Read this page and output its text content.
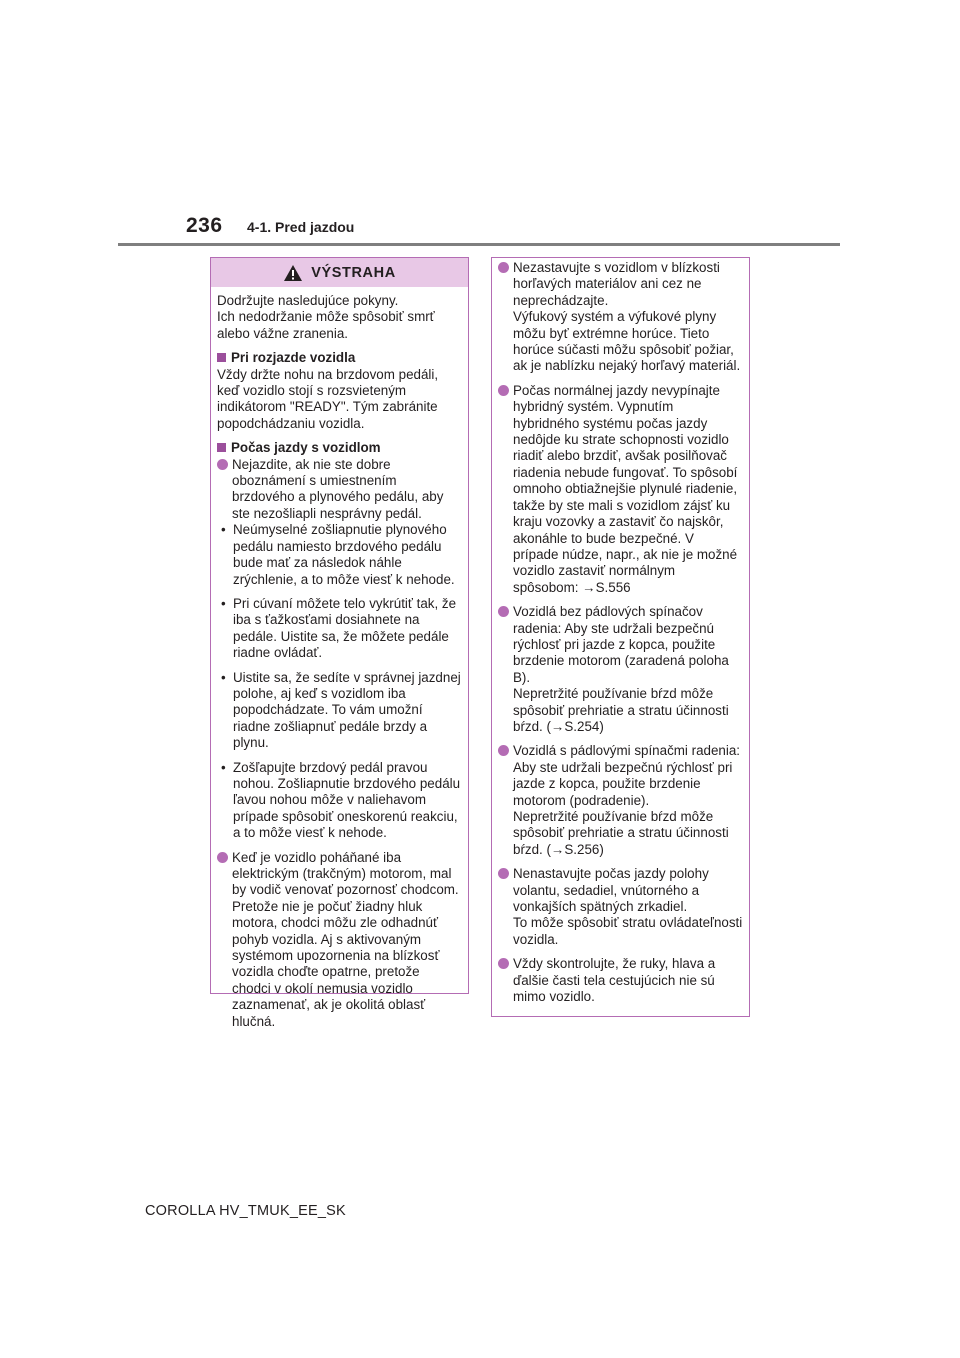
236 4-1. Pred jazdou
VÝSTRAHA
Dodržujte nasledujúce pokyny.
Ich nedodržanie môže spôsobiť smrť alebo vážne zranenia.
Pri rozjazde vozidla
Vždy držte nohu na brzdovom pedáli, keď vozidlo stojí s rozsvieteným indikátorom "READY". Tým zabránite popodchádzaniu vozidla.
Počas jazdy s vozidlom
Nejazdite, ak nie ste dobre oboznámení s umiestnením brzdového a plynového pedálu, aby ste nezošliapli nesprávny pedál.
• Neúmyselné zošliapnutie plynového pedálu namiesto brzdového pedálu bude mať za následok náhle zrýchlenie, a to môže viesť k nehode.
• Pri cúvaní môžete telo vykrútiť tak, že iba s ťažkosťami dosiahnete na pedále. Uistite sa, že môžete pedále riadne ovládať.
• Uistite sa, že sedíte v správnej jazdnej polohe, aj keď s vozidlom iba popodchádzate. To vám umožní riadne zošliapnuť pedále brzdy a plynu.
• Zošľapujte brzdový pedál pravou nohou. Zošliapnutie brzdového pedálu ľavou nohou môže v naliehavom prípade spôsobiť oneskorenú reakciu, a to môže viesť k nehode.
Keď je vozidlo poháňané iba elektrickým (trakčným) motorom, mal by vodič venovať pozornosť chodcom. Pretože nie je počuť žiadny hluk motora, chodci môžu zle odhadnúť pohyb vozidla. Aj s aktivovaným systémom upozornenia na blízkosť vozidla choďte opatrne, pretože chodci v okolí nemusia vozidlo zaznamenať, ak je okolitá oblasť hlučná.
Nezastavujte s vozidlom v blízkosti horľavých materiálov ani cez ne neprechádzajte.
Výfukový systém a výfukové plyny môžu byť extrémne horúce. Tieto horúce súčasti môžu spôsobiť požiar, ak je nablízku nejaký horľavý materiál.
Počas normálnej jazdy nevypínajte hybridný systém. Vypnutím hybridného systému počas jazdy nedôjde ku strate schopnosti vozidlo riadiť alebo brzdiť, avšak posilňovač riadenia nebude fungovať. To spôsobí omnoho obtiažnejšie plynulé riadenie, takže by ste mali s vozidlom zájsť ku kraju vozovky a zastaviť čo najskôr, akonáhle to bude bezpečné. V prípade núdze, napr., ak nie je možné vozidlo zastaviť normálnym spôsobom: →S.556
Vozidlá bez pádlových spínačov radenia: Aby ste udržali bezpečnú rýchlosť pri jazde z kopca, použite brzdenie motorom (zaradená poloha B).
Nepretržité používanie bŕzd môže spôsobiť prehriatie a stratu účinnosti bŕzd. (→S.254)
Vozidlá s pádlovými spínačmi radenia: Aby ste udržali bezpečnú rýchlosť pri jazde z kopca, použite brzdenie motorom (podradenie).
Nepretržité používanie bŕzd môže spôsobiť prehriatie a stratu účinnosti bŕzd. (→S.256)
Nenastavujte počas jazdy polohy volantu, sedadiel, vnútorného a vonkajších spätných zrkadiel.
To môže spôsobiť stratu ovládateľnosti vozidla.
Vždy skontrolujte, že ruky, hlava a ďalšie časti tela cestujúcich nie sú mimo vozidlo.
COROLLA HV_TMUK_EE_SK
